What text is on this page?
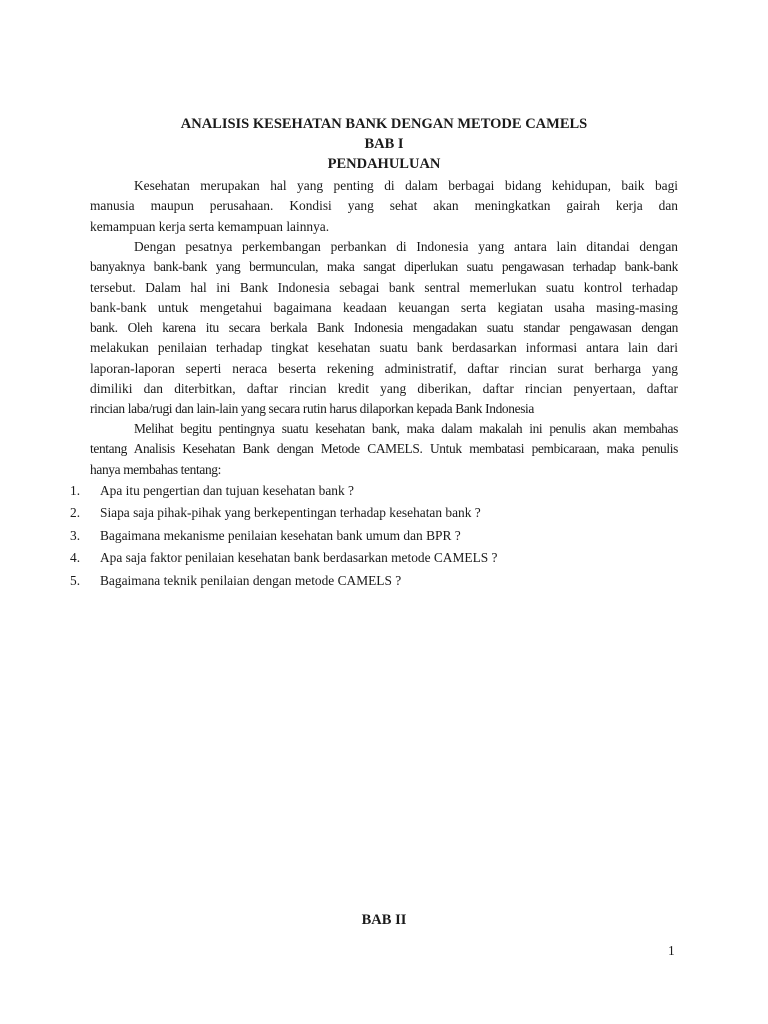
ANALISIS KESEHATAN BANK DENGAN METODE CAMELS
BAB I
PENDAHULUAN
Kesehatan merupakan hal yang penting di dalam berbagai bidang kehidupan, baik bagi
manusia maupun perusahaan. Kondisi yang sehat akan meningkatkan gairah kerja dan
kemampuan kerja serta kemampuan lainnya.
Dengan pesatnya perkembangan perbankan di Indonesia yang antara lain ditandai dengan
banyaknya bank-bank yang bermunculan, maka sangat diperlukan suatu pengawasan terhadap bank-bank
tersebut. Dalam hal ini Bank Indonesia sebagai bank sentral memerlukan suatu kontrol terhadap
bank-bank untuk mengetahui bagaimana keadaan keuangan serta kegiatan usaha masing-masing
bank. Oleh karena itu secara berkala Bank Indonesia mengadakan suatu standar pengawasan dengan
melakukan penilaian terhadap tingkat kesehatan suatu bank berdasarkan informasi antara lain dari
laporan-laporan seperti neraca beserta rekening administratif, daftar rincian surat berharga yang
dimiliki dan diterbitkan, daftar rincian kredit yang diberikan, daftar rincian penyertaan, daftar
rincian laba/rugi dan lain-lain yang secara rutin harus dilaporkan kepada Bank Indonesia
Melihat begitu pentingnya suatu kesehatan bank, maka dalam makalah ini penulis akan membahas
tentang Analisis Kesehatan Bank dengan Metode CAMELS. Untuk membatasi pembicaraan, maka penulis
hanya membahas tentang:
1.	Apa itu pengertian dan tujuan kesehatan bank ?
2.	Siapa saja pihak-pihak yang berkepentingan terhadap kesehatan bank ?
3.	Bagaimana mekanisme penilaian kesehatan bank umum dan BPR ?
4.	Apa saja faktor penilaian kesehatan bank berdasarkan metode CAMELS ?
5.	Bagaimana teknik penilaian dengan metode CAMELS ?
BAB II
1
